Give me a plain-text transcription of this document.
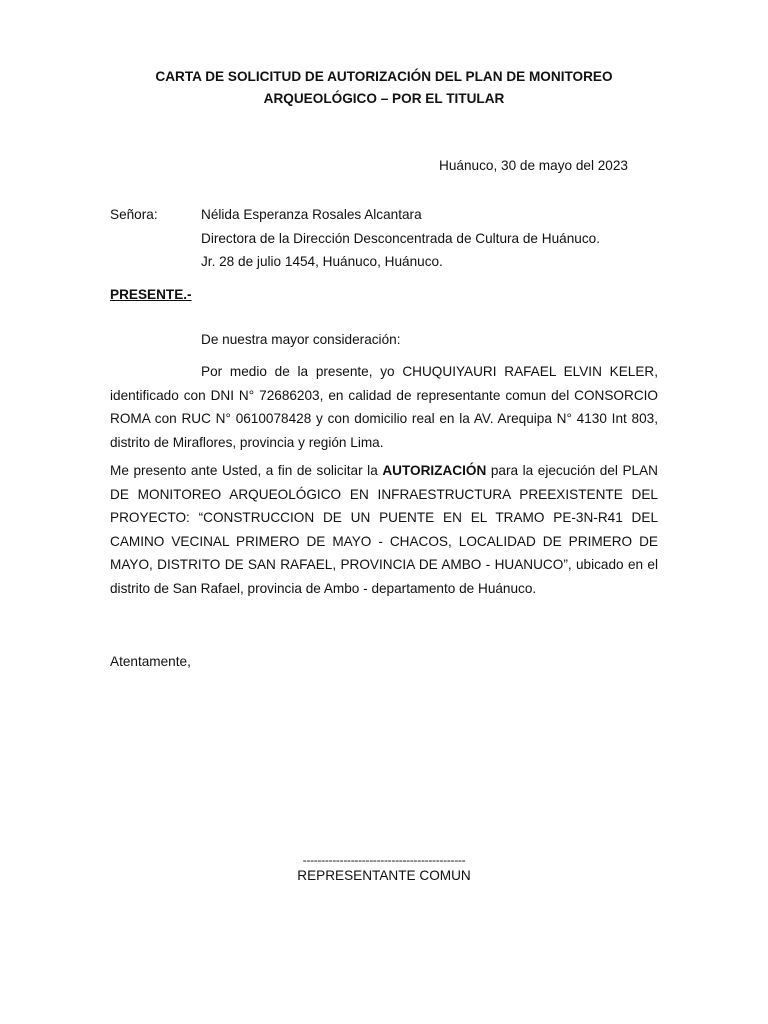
CARTA DE SOLICITUD DE AUTORIZACIÓN DEL PLAN DE MONITOREO
ARQUEOLÓGICO – POR EL TITULAR
Huánuco, 30 de mayo del 2023
Señora:	Nélida Esperanza Rosales Alcantara
Directora de la Dirección Desconcentrada de Cultura de Huánuco.
Jr. 28 de julio 1454, Huánuco, Huánuco.
PRESENTE.-
De nuestra mayor consideración:
Por medio de la presente, yo CHUQUIYAURI RAFAEL ELVIN KELER, identificado con DNI N° 72686203, en calidad de representante comun del CONSORCIO ROMA con RUC N° 0610078428 y con domicilio real en la AV. Arequipa N° 4130 Int 803, distrito de Miraflores, provincia y región Lima.
Me presento ante Usted, a fin de solicitar la AUTORIZACIÓN para la ejecución del PLAN DE MONITOREO ARQUEOLÓGICO EN INFRAESTRUCTURA PREEXISTENTE DEL PROYECTO: “CONSTRUCCION DE UN PUENTE EN EL TRAMO PE-3N-R41 DEL CAMINO VECINAL PRIMERO DE MAYO - CHACOS, LOCALIDAD DE PRIMERO DE MAYO, DISTRITO DE SAN RAFAEL, PROVINCIA DE AMBO - HUANUCO”, ubicado en el distrito de San Rafael, provincia de Ambo - departamento de Huánuco.
Atentamente,
--------------------------------------------
REPRESENTANTE COMUN
